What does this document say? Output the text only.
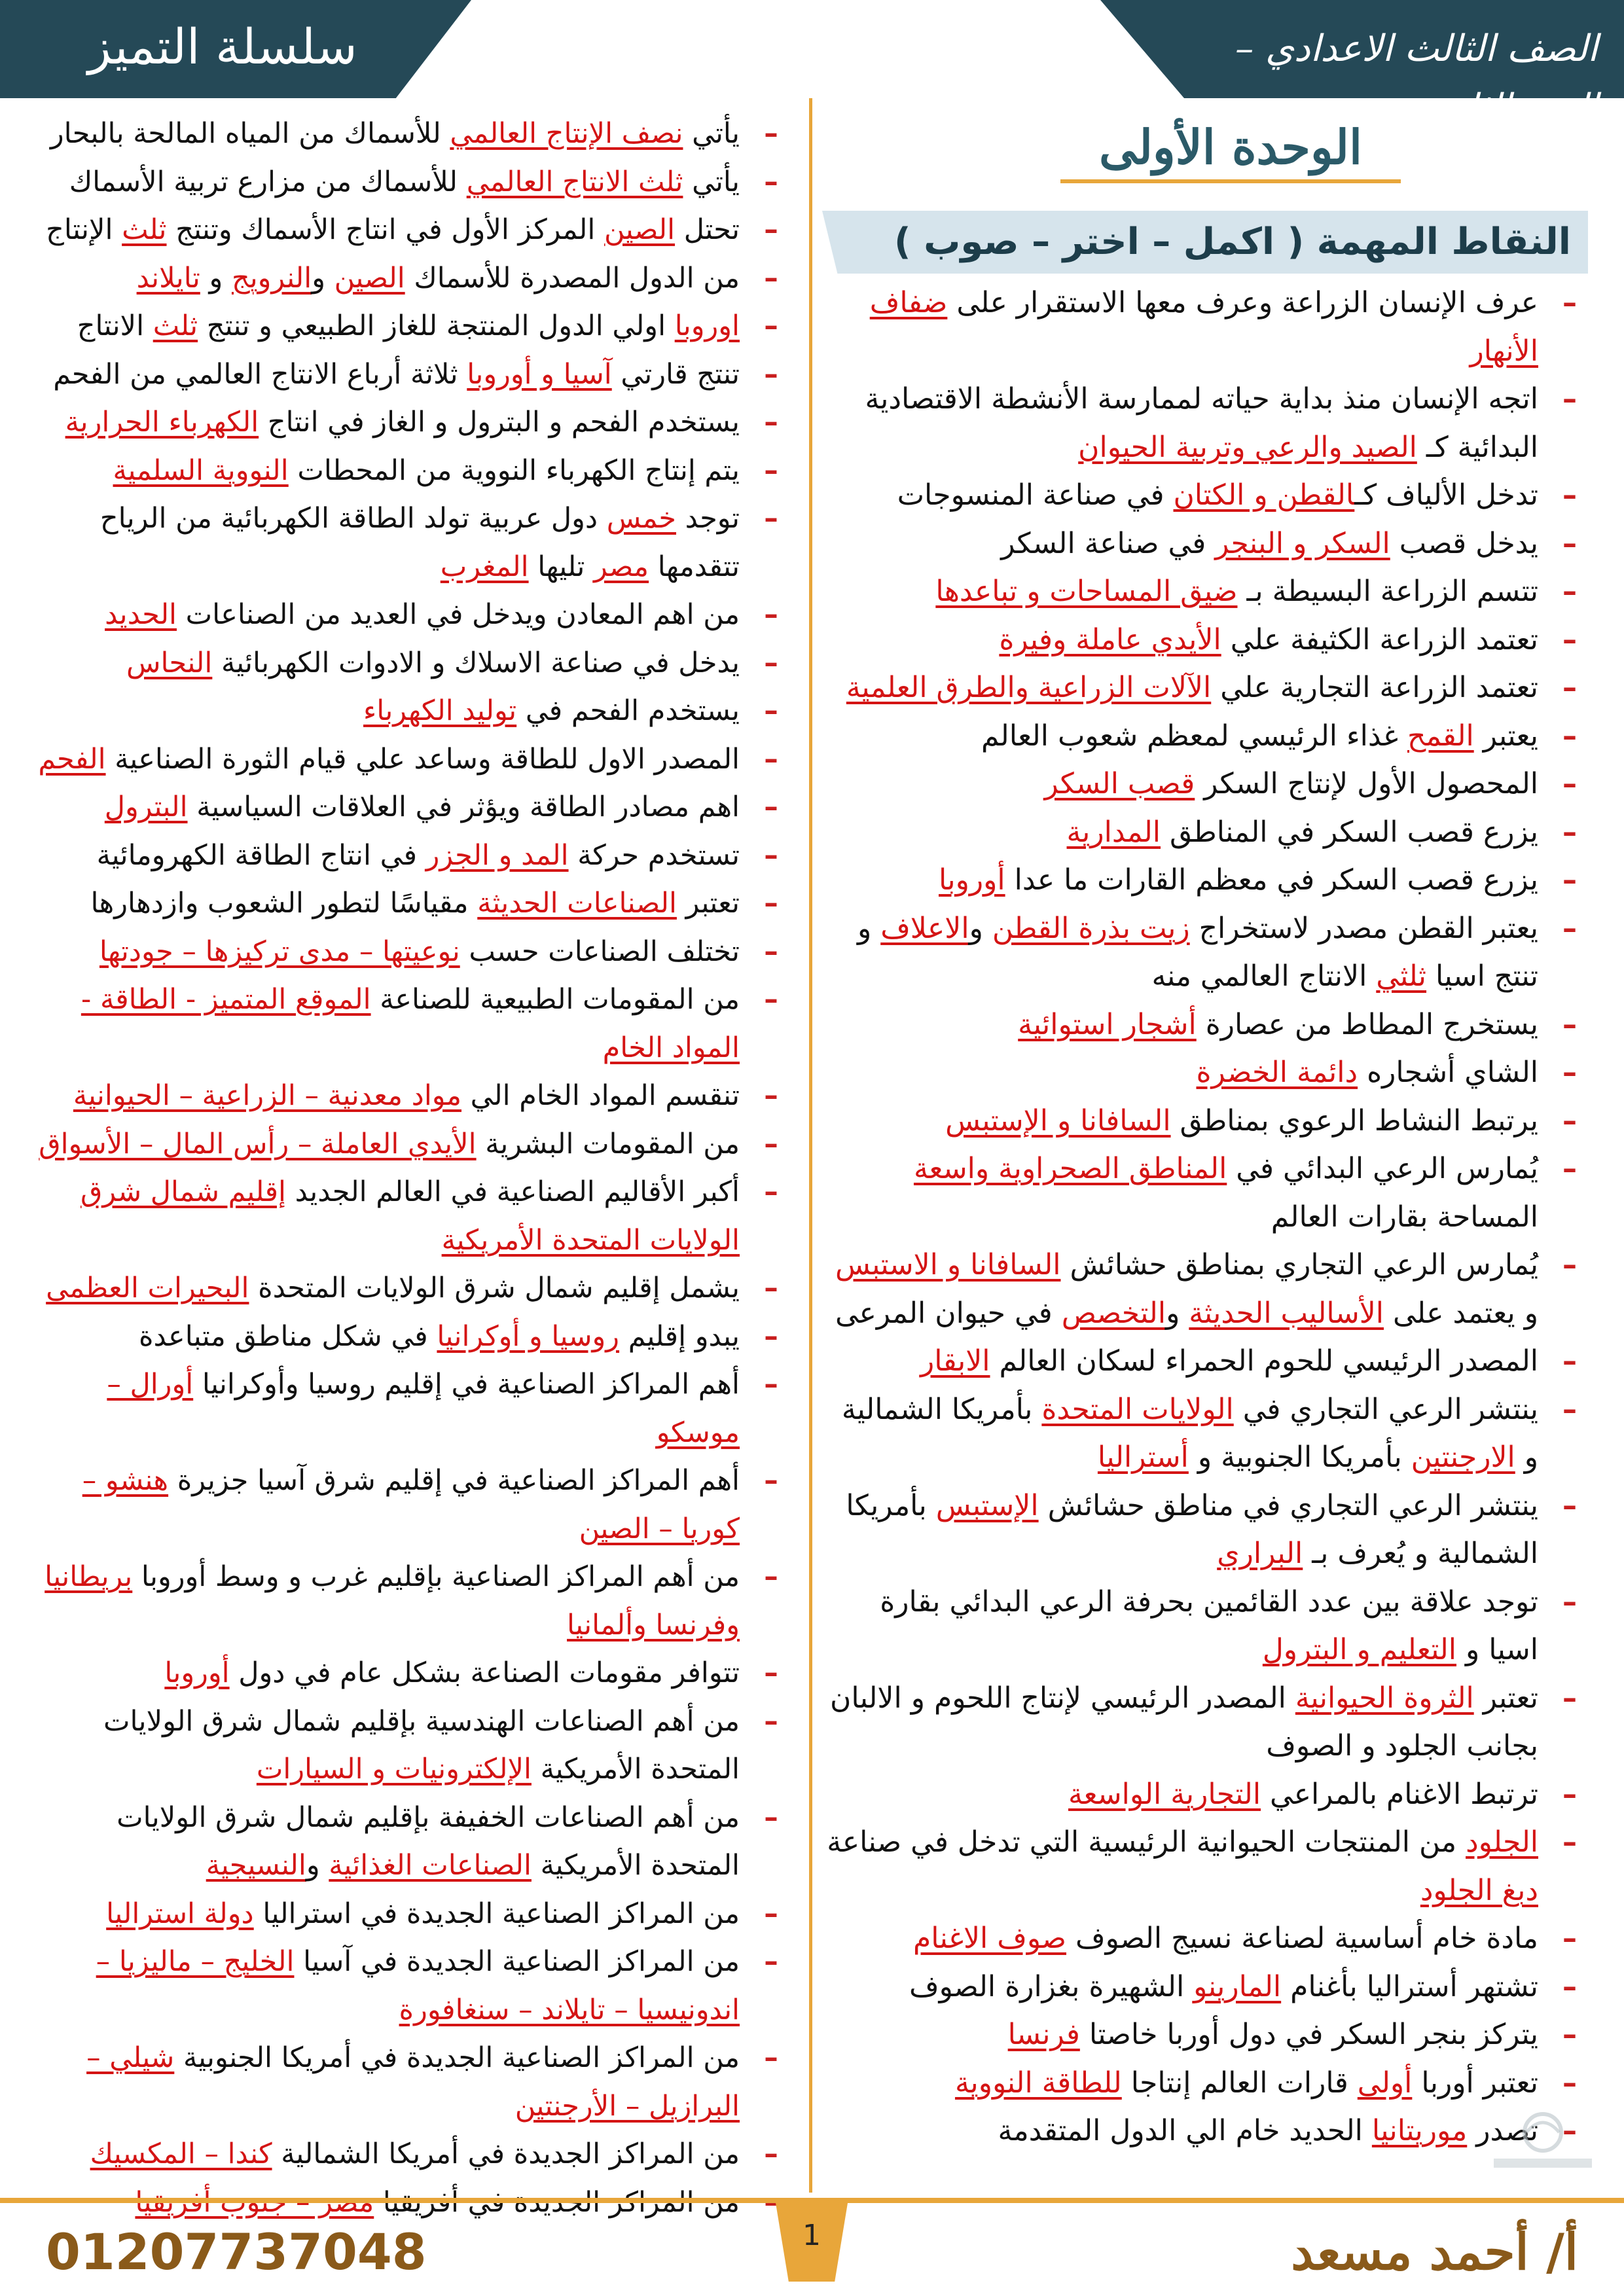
سلسلة التميز	الصف الثالث الاعدادي – الترم الثاني
الوحدة الأولى
النقاط المهمة ( اكمل – اختر – صوب )
–
عرف الإنسان الزراعة وعرف معها الاستقرار على ضفاف الأنهار
–
اتجه الإنسان منذ بداية حياته لممارسة الأنشطة الاقتصادية البدائية كـ الصيد والرعي وتربية الحيوان
–
تدخل الألياف كـالقطن و الكتان في صناعة المنسوجات
–
يدخل قصب السكر و البنجر في صناعة السكر
–
تتسم الزراعة البسيطة بـ ضيق المساحات و تباعدها
–
تعتمد الزراعة الكثيفة علي الأيدي عاملة وفيرة
–
تعتمد الزراعة التجارية علي الآلات الزراعية والطرق العلمية
–
يعتبر القمح غذاء الرئيسي لمعظم شعوب العالم
–
المحصول الأول لإنتاج السكر قصب السكر
–
يزرع قصب السكر في المناطق المدارية
–
يزرع قصب السكر في معظم القارات ما عدا أوروبا
–
يعتبر القطن مصدر لاستخراج زيت بذرة القطن والاعلاف و تنتج اسيا ثلثي الانتاج العالمي منه
–
يستخرج المطاط من عصارة أشجار استوائية
–
الشاي أشجاره دائمة الخضرة
–
يرتبط النشاط الرعوي بمناطق السافانا و الإستبس
–
يُمارس الرعي البدائي في المناطق الصحراوية واسعة المساحة بقارات العالم
–
يُمارس الرعي التجاري بمناطق حشائش السافانا و الاستبس و يعتمد على الأساليب الحديثة والتخصص في حيوان المرعى
–
المصدر الرئيسي للحوم الحمراء لسكان العالم الابقار
–
ينتشر الرعي التجاري في الولايات المتحدة بأمريكا الشمالية و الارجنتين بأمريكا الجنوبية و أستراليا
–
ينتشر الرعي التجاري في مناطق حشائش الإستبس بأمريكا الشمالية و يُعرف بـ البراري
–
توجد علاقة بين عدد القائمين بحرفة الرعي البدائي بقارة اسيا و التعليم و البترول
–
تعتبر الثروة الحيوانية المصدر الرئيسي لإنتاج اللحوم و الالبان بجانب الجلود و الصوف
–
ترتبط الاغنام بالمراعي التجارية الواسعة
–
الجلود من المنتجات الحيوانية الرئيسية التي تدخل في صناعة دبغ الجلود
–
مادة خام أساسية لصناعة نسيج الصوف صوف الاغنام
–
تشتهر أستراليا بأغنام المارينو الشهيرة بغزارة الصوف
–
يتركز بنجر السكر في دول أوربا خاصتا فرنسا
–
تعتبر أوربا أولى قارات العالم إنتاجا للطاقة النووية
–
تصدر موريتانيا الحديد خام الي الدول المتقدمة
–
يأتي نصف الإنتاج العالمي للأسماك من المياه المالحة بالبحار
–
يأتي ثلث الانتاج العالمي للأسماك من مزارع تربية الأسماك
–
تحتل الصين المركز الأول في انتاج الأسماك وتنتج ثلث الإنتاج
–
من الدول المصدرة للأسماك الصين والنرويج و تايلاند
–
اوروبا اولي الدول المنتجة للغاز الطبيعي و تنتج ثلث الانتاج
–
تنتج قارتي آسيا و أوروبا ثلاثة أرباع الانتاج العالمي من الفحم
–
يستخدم الفحم و البترول و الغاز في انتاج الكهرباء الحرارية
–
يتم إنتاج الكهرباء النووية من المحطات النووية السلمية
–
توجد خمس دول عربية تولد الطاقة الكهربائية من الرياح تتقدمها مصر تليها المغرب
–
من اهم المعادن ويدخل في العديد من الصناعات الحديد
–
يدخل في صناعة الاسلاك و الادوات الكهربائية النحاس
–
يستخدم الفحم في توليد الكهرباء
–
المصدر الاول للطاقة وساعد علي قيام الثورة الصناعية الفحم
–
اهم مصادر الطاقة ويؤثر في العلاقات السياسية البترول
–
تستخدم حركة المد و الجزر في انتاج الطاقة الكهرومائية
–
تعتبر الصناعات الحديثة مقياسًا لتطور الشعوب وازدهارها
–
تختلف الصناعات حسب نوعيتها – مدى تركيزها – جودتها
–
من المقومات الطبيعية للصناعة الموقع المتميز - الطاقة - المواد الخام
–
تنقسم المواد الخام الي مواد معدنية – الزراعية – الحيوانية
–
من المقومات البشرية الأيدي العاملة – رأس المال – الأسواق
–
أكبر الأقاليم الصناعية في العالم الجديد إقليم شمال شرق الولايات المتحدة الأمريكية
–
يشمل إقليم شمال شرق الولايات المتحدة البحيرات العظمى
–
يبدو إقليم روسيا و أوكرانيا في شكل مناطق متباعدة
–
أهم المراكز الصناعية في إقليم روسيا وأوكرانيا أورال – موسكو
–
أهم المراكز الصناعية في إقليم شرق آسيا جزيرة هنشو – كوريا – الصين
–
من أهم المراكز الصناعية بإقليم غرب و وسط أوروبا بريطانيا وفرنسا وألمانيا
–
تتوافر مقومات الصناعة بشكل عام في دول أوروبا
–
من أهم الصناعات الهندسية بإقليم شمال شرق الولايات المتحدة الأمريكية الإلكترونيات و السيارات
–
من أهم الصناعات الخفيفة بإقليم شمال شرق الولايات المتحدة الأمريكية الصناعات الغذائية والنسيجية
–
من المراكز الصناعية الجديدة في استراليا دولة استراليا
–
من المراكز الصناعية الجديدة في آسيا الخليج – ماليزيا – اندونيسيا – تايلاند – سنغافورة
–
من المراكز الصناعية الجديدة في أمريكا الجنوبية شيلي – البرازيل – الأرجنتين
–
من المراكز الجديدة في أمريكا الشمالية كندا – المكسيك
01207737048	1	أ/ أحمد مسعد
